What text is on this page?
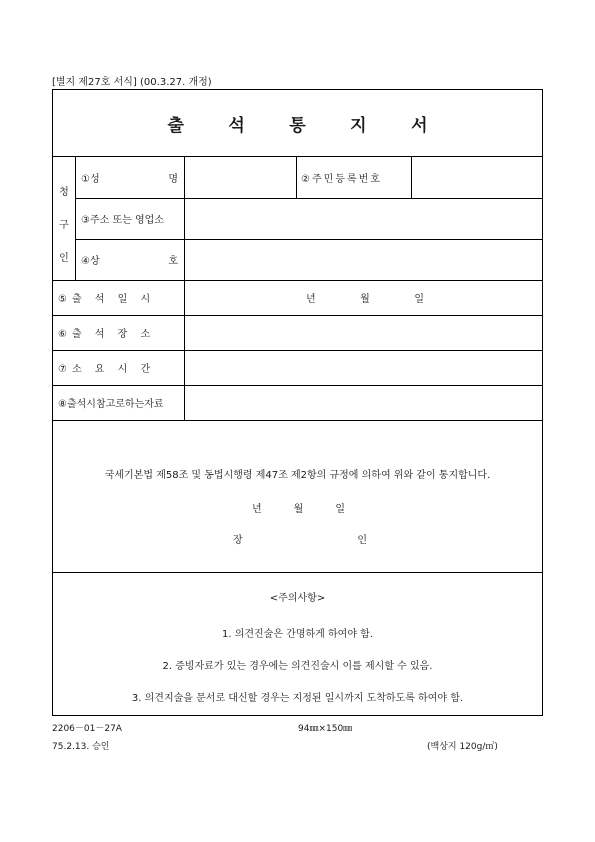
[별지 제27호 서식] (00.3.27. 개정)
출	석	통	지	서
청
구
인
①성	명	②주민등록번호
③주소 또는 영업소
④상	호
⑤출 석 일 시	년	월	일
⑥출 석 장 소
⑦소 요 시 간
⑧출석시참고로하는자료
국세기본법 제58조 및 동법시행령 제47조 제2항의 규정에 의하여 위와 같이 통지합니다.
년	월	일
장	인
<주의사항>
1. 의견진술은 간명하게 하여야 함.
2. 증빙자료가 있는 경우에는 의견진술시 이를 제시할 수 있음.
3. 의견지술을 문서로 대신할 경우는 지정된 일시까지 도착하도록 하여야 함.
2206－01－27A	94㎜×150㎜
75.2.13. 승인	(백상지 120g/㎡)
